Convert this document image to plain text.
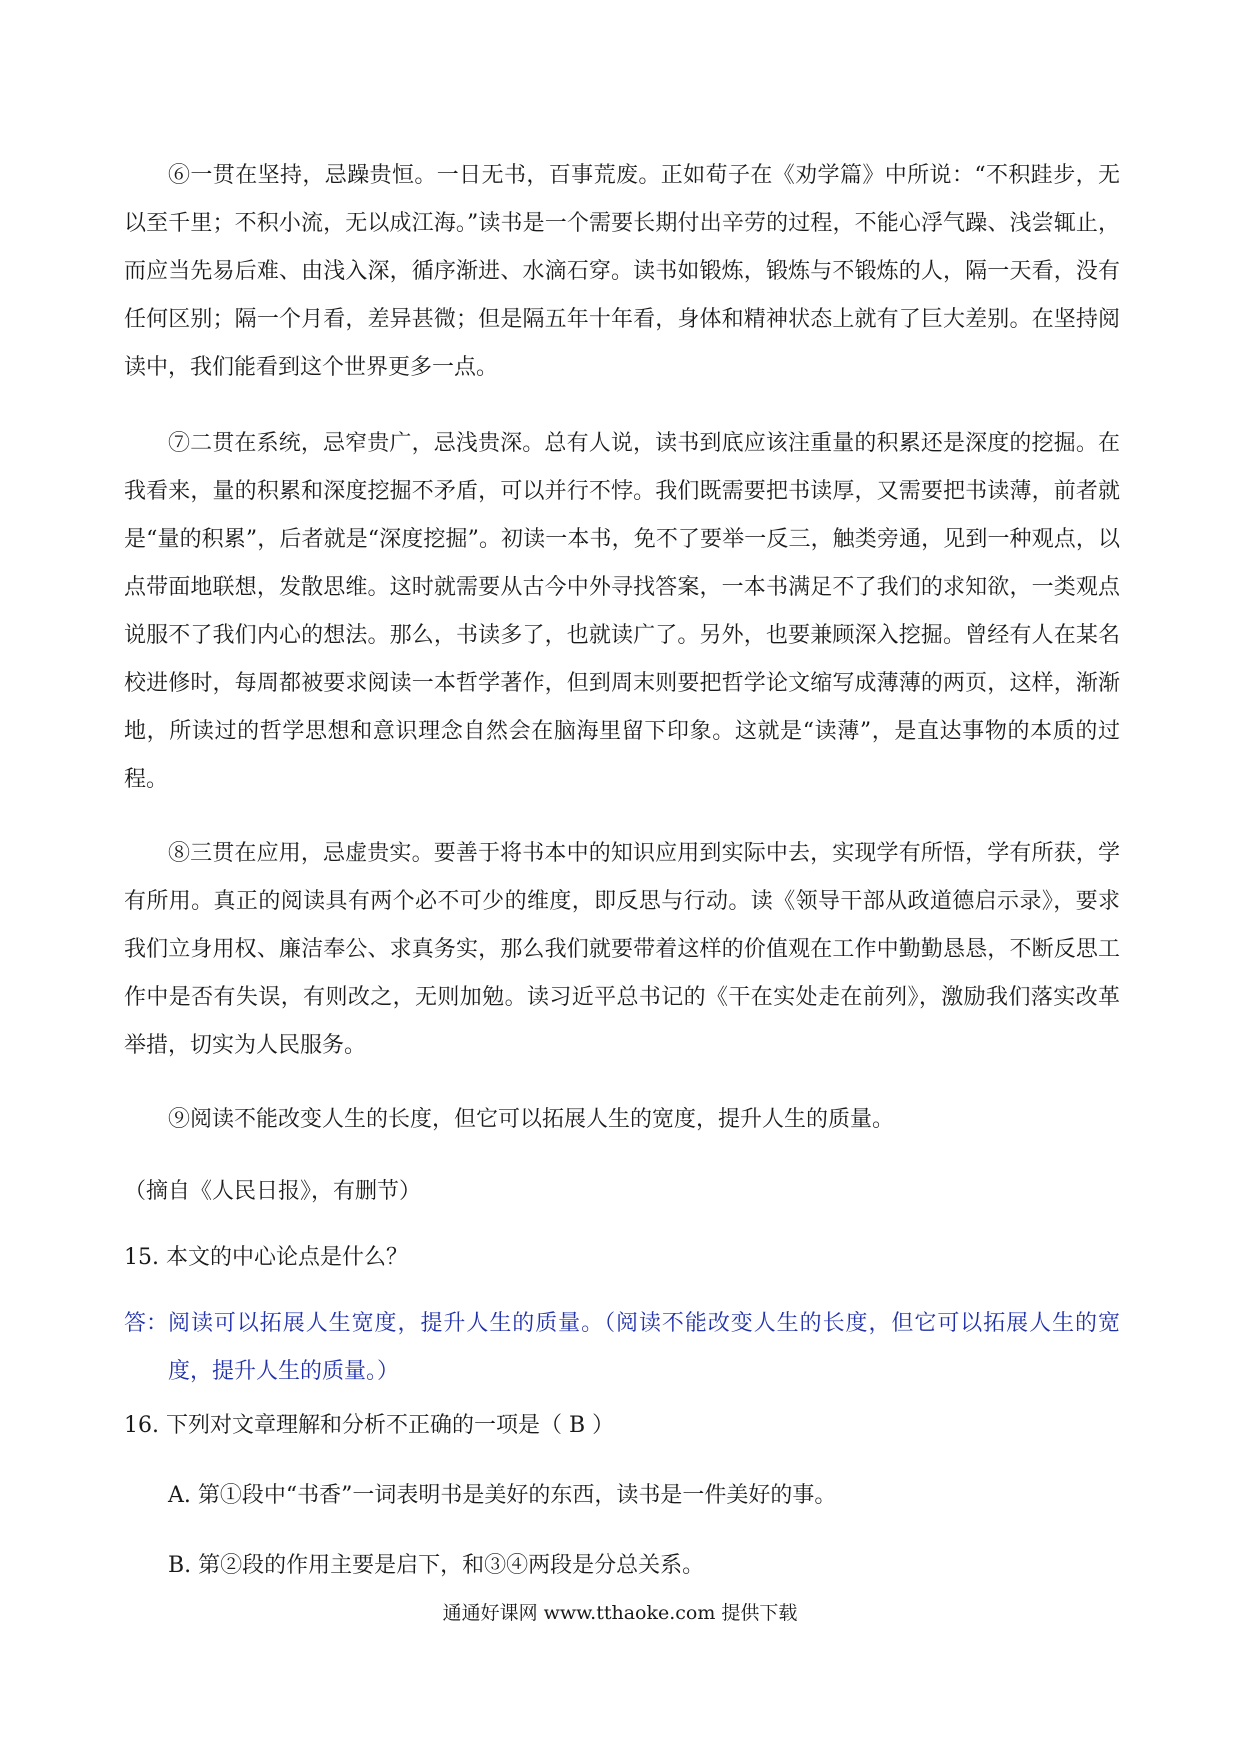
⑥一贯在坚持，忌躁贵恒。一日无书，百事荒废。正如荀子在《劝学篇》中所说：“不积跬步，无以至千里；不积小流，无以成江海。”读书是一个需要长期付出辛劳的过程，不能心浮气躁、浅尝辄止，而应当先易后难、由浅入深，循序渐进、水滴石穿。读书如锻炼，锻炼与不锻炼的人，隔一天看，没有任何区别；隔一个月看，差异甚微；但是隔五年十年看，身体和精神状态上就有了巨大差别。在坚持阅读中，我们能看到这个世界更多一点。

⑦二贯在系统，忌窄贵广，忌浅贵深。总有人说，读书到底应该注重量的积累还是深度的挖掘。在我看来，量的积累和深度挖掘不矛盾，可以并行不悖。我们既需要把书读厚，又需要把书读薄，前者就是“量的积累”，后者就是“深度挖掘”。初读一本书，免不了要举一反三，触类旁通，见到一种观点，以点带面地联想，发散思维。这时就需要从古今中外寻找答案，一本书满足不了我们的求知欲，一类观点说服不了我们内心的想法。那么，书读多了，也就读广了。另外，也要兼顾深入挖掘。曾经有人在某名校进修时，每周都被要求阅读一本哲学著作，但到周末则要把哲学论文缩写成薄薄的两页，这样，渐渐地，所读过的哲学思想和意识理念自然会在脑海里留下印象。这就是“读薄”，是直达事物的本质的过程。

⑧三贯在应用，忌虚贵实。要善于将书本中的知识应用到实际中去，实现学有所悟，学有所获，学有所用。真正的阅读具有两个必不可少的维度，即反思与行动。读《领导干部从政道德启示录》，要求我们立身用权、廉洁奉公、求真务实，那么我们就要带着这样的价值观在工作中勤勤恳恳，不断反思工作中是否有失误，有则改之，无则加勉。读习近平总书记的《干在实处走在前列》，激励我们落实改革举措，切实为人民服务。

⑨阅读不能改变人生的长度，但它可以拓展人生的宽度，提升人生的质量。

（摘自《人民日报》，有删节）

15. 本文的中心论点是什么？

答： 阅读可以拓展人生宽度，提升人生的质量。（阅读不能改变人生的长度，但它可以拓展人生的宽度，提升人生的质量。）

16. 下列对文章理解和分析不正确的一项是（ B ）

A. 第①段中“书香”一词表明书是美好的东西，读书是一件美好的事。

B. 第②段的作用主要是启下，和③④两段是分总关系。

通通好课网 www.tthaoke.com 提供下载
